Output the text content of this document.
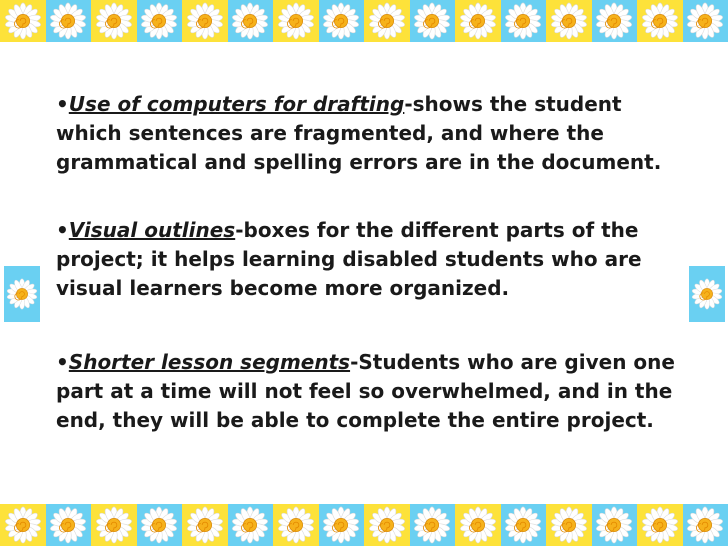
•Use of computers for drafting-shows the student which sentences are fragmented, and where the grammatical and spelling errors are in the document.
•Visual outlines-boxes for the different parts of the project; it helps learning disabled students who are visual learners become more organized.
•Shorter lesson segments-Students who are given one part at a time will not feel so overwhelmed, and in the end, they will be able to complete the entire project.
